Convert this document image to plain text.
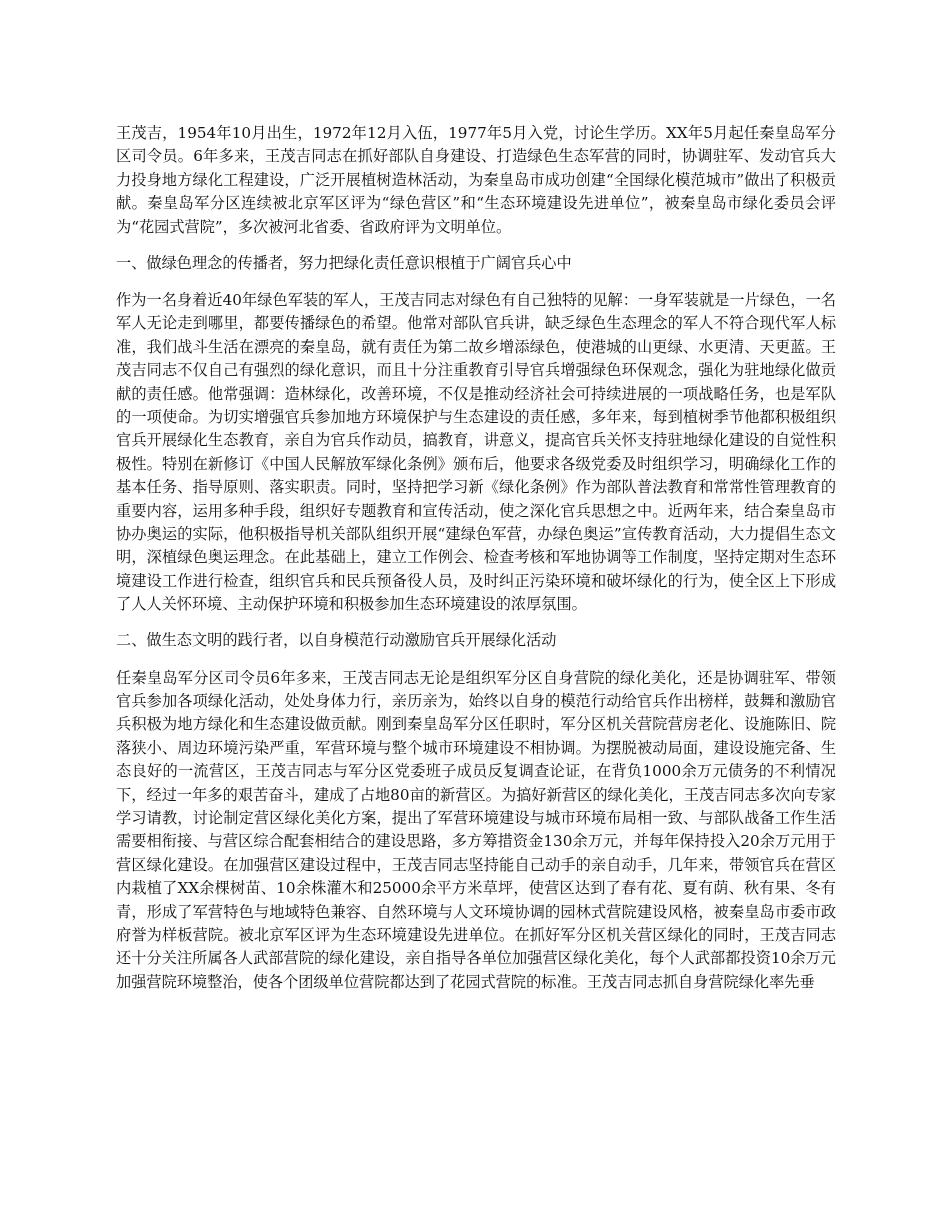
王茂吉，1954年10月出生，1972年12月入伍，1977年5月入党，讨论生学历。XX年5月起任秦皇岛军分区司令员。6年多来，王茂吉同志在抓好部队自身建设、打造绿色生态军营的同时，协调驻军、发动官兵大力投身地方绿化工程建设，广泛开展植树造林活动，为秦皇岛市成功创建“全国绿化模范城市”做出了积极贡献。秦皇岛军分区连续被北京军区评为“绿色营区”和“生态环境建设先进单位”，被秦皇岛市绿化委员会评为“花园式营院”，多次被河北省委、省政府评为文明单位。

一、做绿色理念的传播者，努力把绿化责任意识根植于广阔官兵心中

作为一名身着近40年绿色军装的军人，王茂吉同志对绿色有自己独特的见解：一身军装就是一片绿色，一名军人无论走到哪里，都要传播绿色的希望。他常对部队官兵讲，缺乏绿色生态理念的军人不符合现代军人标准，我们战斗生活在漂亮的秦皇岛，就有责任为第二故乡增添绿色，使港城的山更绿、水更清、天更蓝。王茂吉同志不仅自己有强烈的绿化意识，而且十分注重教育引导官兵增强绿色环保观念，强化为驻地绿化做贡献的责任感。他常强调：造林绿化，改善环境，不仅是推动经济社会可持续进展的一项战略任务，也是军队的一项使命。为切实增强官兵参加地方环境保护与生态建设的责任感，多年来，每到植树季节他都积极组织官兵开展绿化生态教育，亲自为官兵作动员，搞教育，讲意义，提高官兵关怀支持驻地绿化建设的自觉性积极性。特别在新修订《中国人民解放军绿化条例》颁布后，他要求各级党委及时组织学习，明确绿化工作的基本任务、指导原则、落实职责。同时，坚持把学习新《绿化条例》作为部队普法教育和常常性管理教育的重要内容，运用多种手段，组织好专题教育和宣传活动，使之深化官兵思想之中。近两年来，结合秦皇岛市协办奥运的实际，他积极指导机关部队组织开展“建绿色军营，办绿色奥运”宣传教育活动，大力提倡生态文明，深植绿色奥运理念。在此基础上，建立工作例会、检查考核和军地协调等工作制度，坚持定期对生态环境建设工作进行检查，组织官兵和民兵预备役人员，及时纠正污染环境和破坏绿化的行为，使全区上下形成了人人关怀环境、主动保护环境和积极参加生态环境建设的浓厚氛围。

二、做生态文明的践行者，以自身模范行动激励官兵开展绿化活动

任秦皇岛军分区司令员6年多来，王茂吉同志无论是组织军分区自身营院的绿化美化，还是协调驻军、带领官兵参加各项绿化活动，处处身体力行，亲历亲为，始终以自身的模范行动给官兵作出榜样，鼓舞和激励官兵积极为地方绿化和生态建设做贡献。刚到秦皇岛军分区任职时，军分区机关营院营房老化、设施陈旧、院落狭小、周边环境污染严重，军营环境与整个城市环境建设不相协调。为摆脱被动局面，建设设施完备、生态良好的一流营区，王茂吉同志与军分区党委班子成员反复调查论证，在背负1000余万元债务的不利情况下，经过一年多的艰苦奋斗，建成了占地80亩的新营区。为搞好新营区的绿化美化，王茂吉同志多次向专家学习请教，讨论制定营区绿化美化方案，提出了军营环境建设与城市环境布局相一致、与部队战备工作生活需要相衔接、与营区综合配套相结合的建设思路，多方筹措资金130余万元，并每年保持投入20余万元用于营区绿化建设。在加强营区建设过程中，王茂吉同志坚持能自己动手的亲自动手，几年来，带领官兵在营区内栽植了XX余棵树苗、10余株灌木和25000余平方米草坪，使营区达到了春有花、夏有荫、秋有果、冬有青，形成了军营特色与地域特色兼容、自然环境与人文环境协调的园林式营院建设风格，被秦皇岛市委市政府誉为样板营院。被北京军区评为生态环境建设先进单位。在抓好军分区机关营区绿化的同时，王茂吉同志还十分关注所属各人武部营院的绿化建设，亲自指导各单位加强营区绿化美化，每个人武部都投资10余万元加强营院环境整治，使各个团级单位营院都达到了花园式营院的标准。王茂吉同志抓自身营院绿化率先垂
